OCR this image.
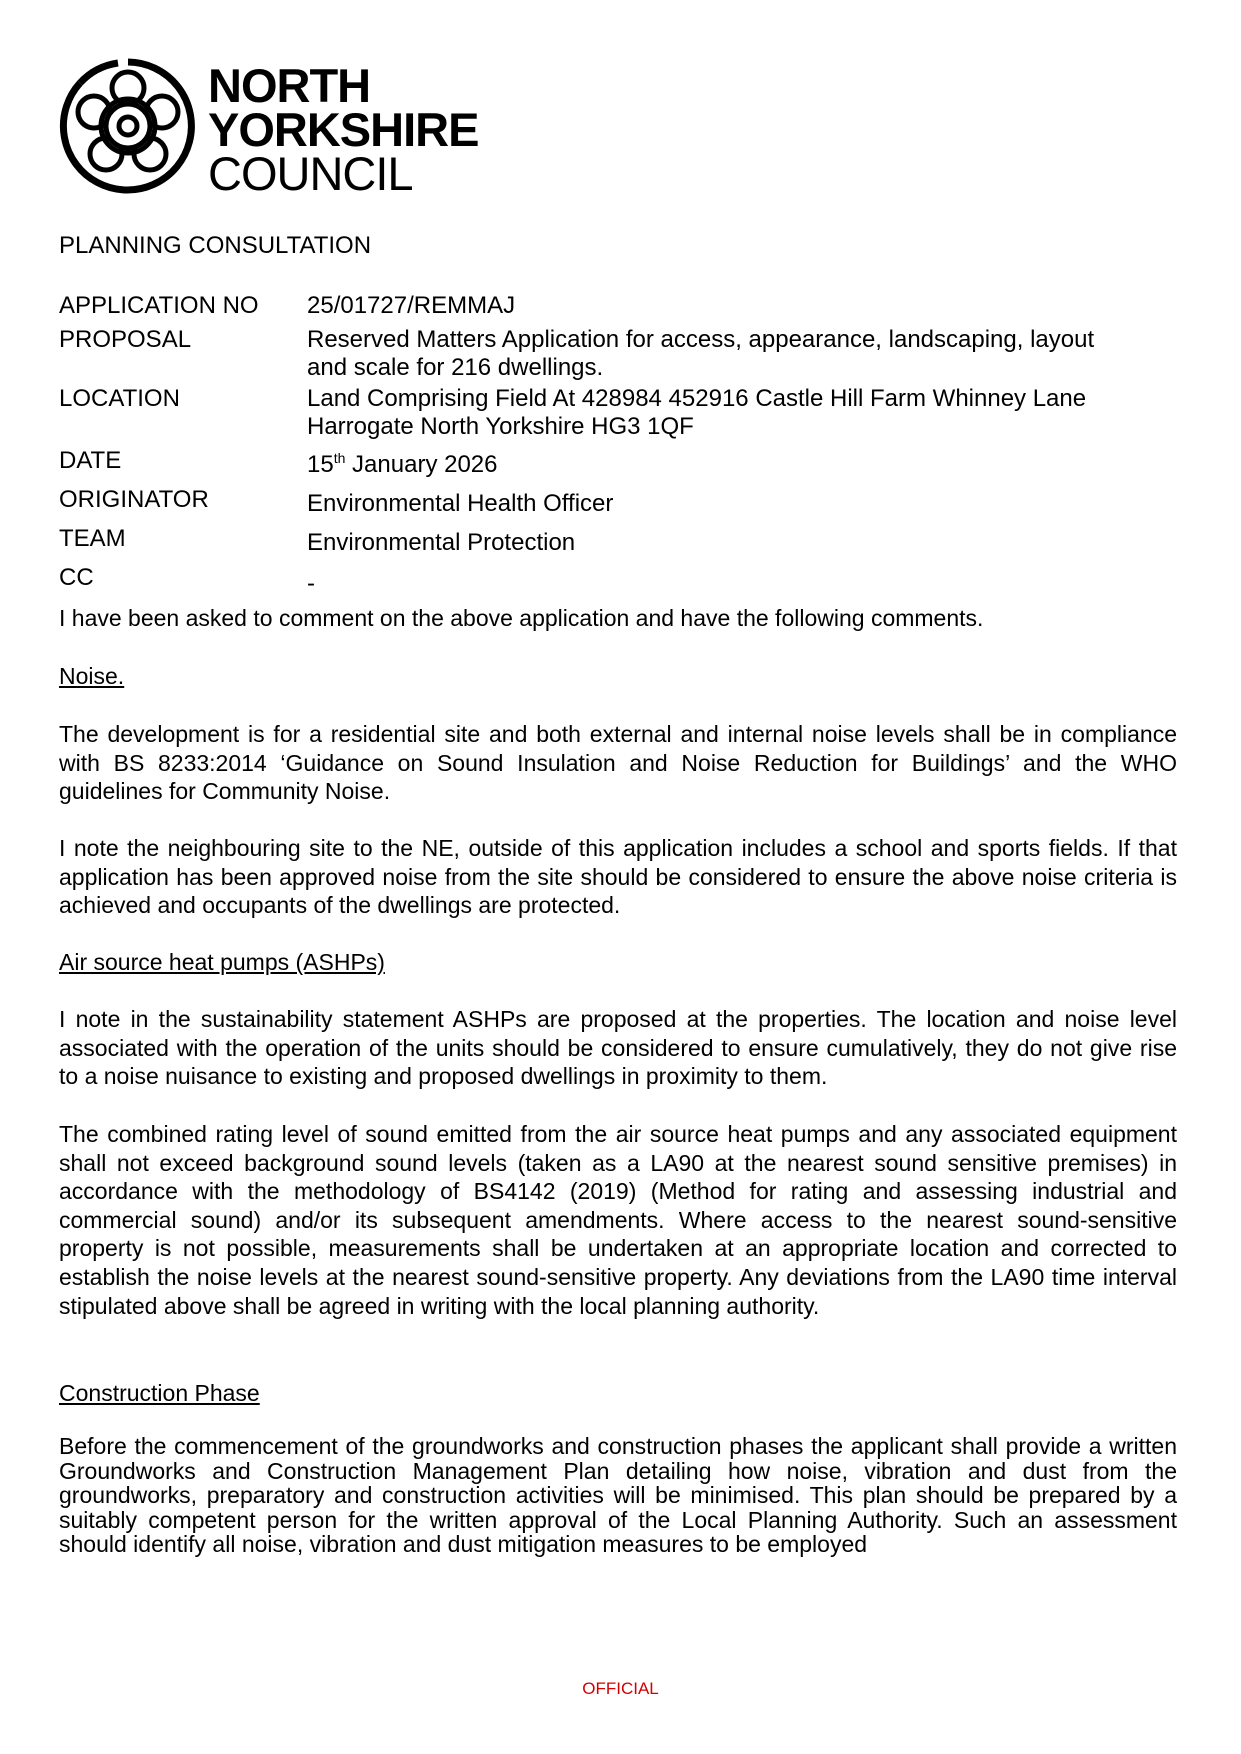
NORTH
YORKSHIRE
COUNCIL
PLANNING CONSULTATION
APPLICATION NO	25/01727/REMMAJ
PROPOSAL	Reserved Matters Application for access, appearance, landscaping, layout
and scale for 216 dwellings.
LOCATION	Land Comprising Field At 428984 452916 Castle Hill Farm Whinney Lane
Harrogate North Yorkshire HG3 1QF
DATE	15th January 2026
ORIGINATOR	Environmental Health Officer
TEAM	Environmental Protection
CC	-
I have been asked to comment on the above application and have the following comments.
Noise.
The development is for a residential site and both external and internal noise levels shall be in compliance with BS 8233:2014 ‘Guidance on Sound Insulation and Noise Reduction for Buildings’ and the WHO guidelines for Community Noise.
I note the neighbouring site to the NE, outside of this application includes a school and sports fields. If that application has been approved noise from the site should be considered to ensure the above noise criteria is achieved and occupants of the dwellings are protected.
Air source heat pumps (ASHPs)
I note in the sustainability statement ASHPs are proposed at the properties. The location and noise level associated with the operation of the units should be considered to ensure cumulatively, they do not give rise to a noise nuisance to existing and proposed dwellings in proximity to them.
The combined rating level of sound emitted from the air source heat pumps and any associated equipment shall not exceed background sound levels (taken as a LA90 at the nearest sound sensitive premises) in accordance with the methodology of BS4142 (2019) (Method for rating and assessing industrial and commercial sound) and/or its subsequent amendments. Where access to the nearest sound-sensitive property is not possible, measurements shall be undertaken at an appropriate location and corrected to establish the noise levels at the nearest sound-sensitive property. Any deviations from the LA90 time interval stipulated above shall be agreed in writing with the local planning authority.
Construction Phase
Before the commencement of the groundworks and construction phases the applicant shall provide a written Groundworks and Construction Management Plan detailing how noise, vibration and dust from the groundworks, preparatory and construction activities will be minimised. This plan should be prepared by a suitably competent person for the written approval of the Local Planning Authority. Such an assessment should identify all noise, vibration and dust mitigation measures to be employed
OFFICIAL
